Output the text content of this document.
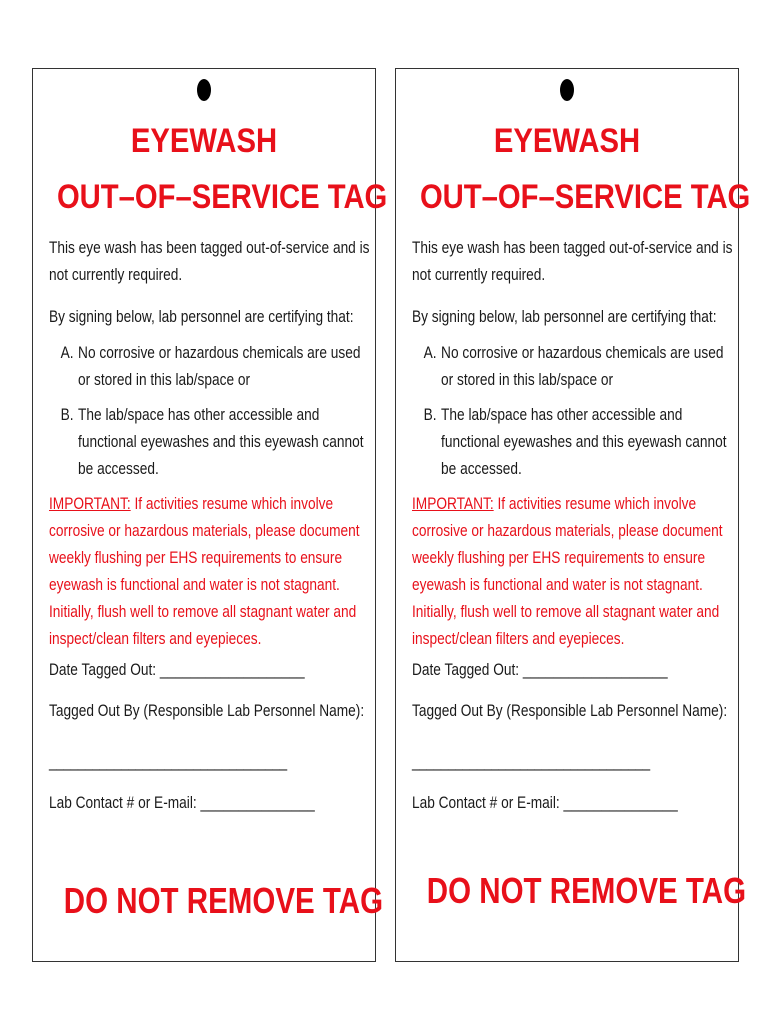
EYEWASH
OUT–OF–SERVICE TAG

This eye wash has been tagged out-of-service and is not currently required.

By signing below, lab personnel are certifying that:

A. No corrosive or hazardous chemicals are used or stored in this lab/space or
B. The lab/space has other accessible and functional eyewashes and this eyewash cannot be accessed.

IMPORTANT: If activities resume which involve corrosive or hazardous materials, please document weekly flushing per EHS requirements to ensure eyewash is functional and water is not stagnant. Initially, flush well to remove all stagnant water and inspect/clean filters and eyepieces.

Date Tagged Out: ___________________

Tagged Out By (Responsible Lab Personnel Name):

_________________________________

Lab Contact # or E-mail: _______________

DO NOT REMOVE TAG
EYEWASH
OUT–OF–SERVICE TAG

This eye wash has been tagged out-of-service and is not currently required.

By signing below, lab personnel are certifying that:

A. No corrosive or hazardous chemicals are used or stored in this lab/space or
B. The lab/space has other accessible and functional eyewashes and this eyewash cannot be accessed.

IMPORTANT: If activities resume which involve corrosive or hazardous materials, please document weekly flushing per EHS requirements to ensure eyewash is functional and water is not stagnant. Initially, flush well to remove all stagnant water and inspect/clean filters and eyepieces.

Date Tagged Out: ___________________

Tagged Out By (Responsible Lab Personnel Name):

_________________________________

Lab Contact # or E-mail: _______________

DO NOT REMOVE TAG
